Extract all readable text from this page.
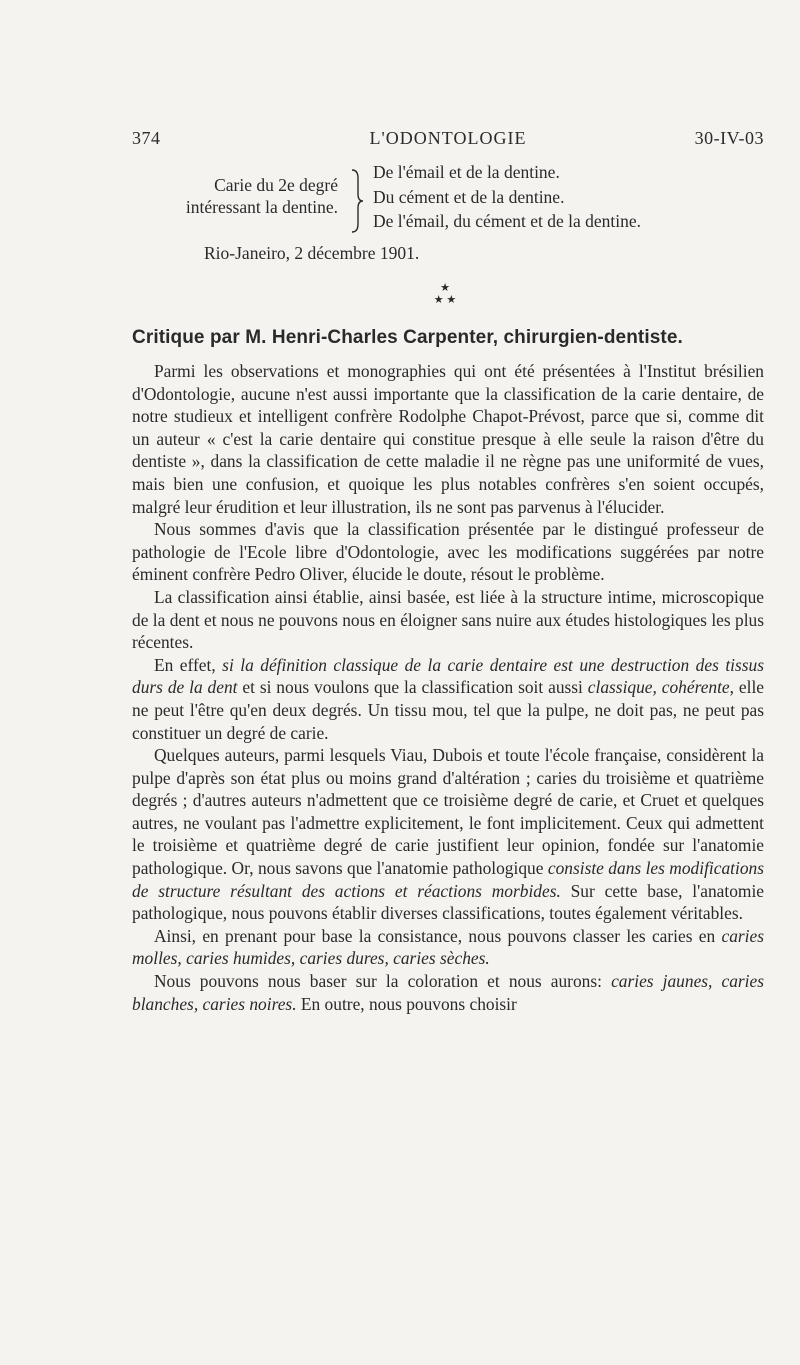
374	L'ODONTOLOGIE	30-IV-03
Carie du 2e degré
intéressant la dentine.
De l'émail et de la dentine.
Du cément et de la dentine.
De l'émail, du cément et de la dentine.
Rio-Janeiro, 2 décembre 1901.
★
★ ★
Critique par M. Henri-Charles Carpenter, chirurgien-dentiste.

Parmi les observations et monographies qui ont été présentées à l'Institut brésilien d'Odontologie, aucune n'est aussi importante que la classification de la carie dentaire, de notre studieux et intelligent confrère Rodolphe Chapot-Prévost, parce que si, comme dit un auteur « c'est la carie dentaire qui constitue presque à elle seule la raison d'être du dentiste », dans la classification de cette maladie il ne règne pas une uniformité de vues, mais bien une confusion, et quoique les plus notables confrères s'en soient occupés, malgré leur érudition et leur illustration, ils ne sont pas parvenus à l'élucider.

Nous sommes d'avis que la classification présentée par le distingué professeur de pathologie de l'Ecole libre d'Odontologie, avec les modifications suggérées par notre éminent confrère Pedro Oliver, élucide le doute, résout le problème.

La classification ainsi établie, ainsi basée, est liée à la structure intime, microscopique de la dent et nous ne pouvons nous en éloigner sans nuire aux études histologiques les plus récentes.

En effet, si la définition classique de la carie dentaire est une destruction des tissus durs de la dent et si nous voulons que la classification soit aussi classique, cohérente, elle ne peut l'être qu'en deux degrés. Un tissu mou, tel que la pulpe, ne doit pas, ne peut pas constituer un degré de carie.

Quelques auteurs, parmi lesquels Viau, Dubois et toute l'école française, considèrent la pulpe d'après son état plus ou moins grand d'altération ; caries du troisième et quatrième degrés ; d'autres auteurs n'admettent que ce troisième degré de carie, et Cruet et quelques autres, ne voulant pas l'admettre explicitement, le font implicitement. Ceux qui admettent le troisième et quatrième degré de carie justifient leur opinion, fondée sur l'anatomie pathologique. Or, nous savons que l'anatomie pathologique consiste dans les modifications de structure résultant des actions et réactions morbides. Sur cette base, l'anatomie pathologique, nous pouvons établir diverses classifications, toutes également véritables.

Ainsi, en prenant pour base la consistance, nous pouvons classer les caries en caries molles, caries humides, caries dures, caries sèches.

Nous pouvons nous baser sur la coloration et nous aurons: caries jaunes, caries blanches, caries noires. En outre, nous pouvons choisir
